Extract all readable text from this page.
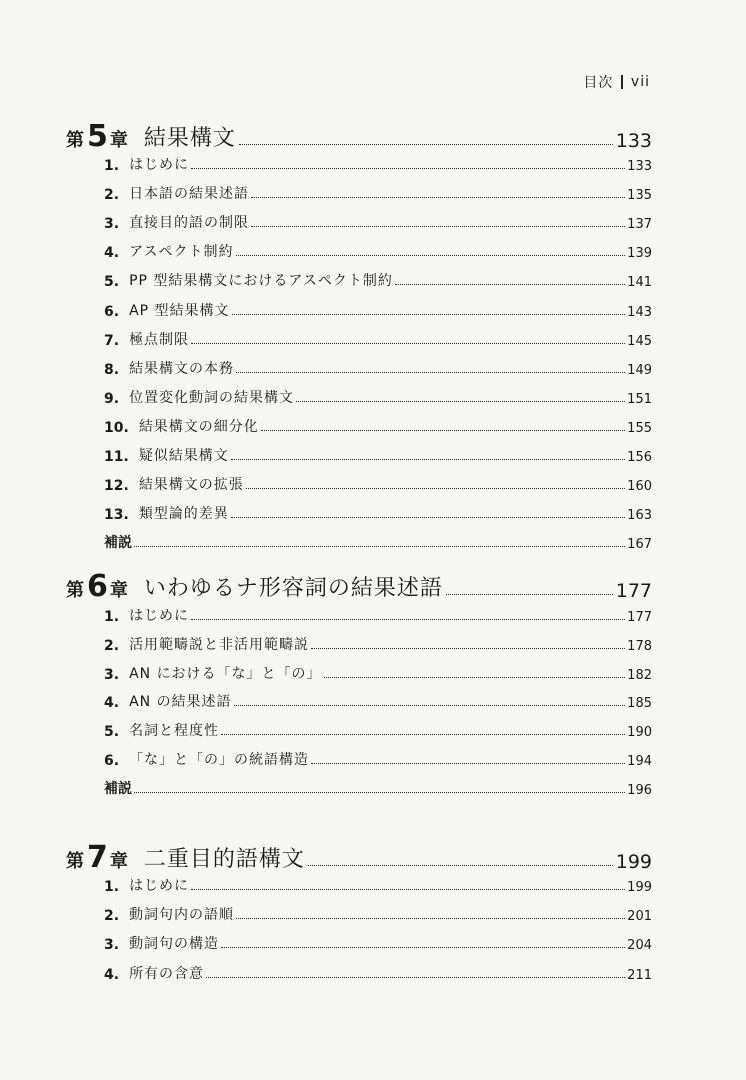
目次 vii
第 5 章 結果構文	133
1. はじめに	133
2. 日本語の結果述語	135
3. 直接目的語の制限	137
4. アスペクト制約	139
5. PP 型結果構文におけるアスペクト制約	141
6. AP 型結果構文	143
7. 極点制限	145
8. 結果構文の本務	149
9. 位置変化動詞の結果構文	151
10. 結果構文の細分化	155
11. 疑似結果構文	156
12. 結果構文の拡張	160
13. 類型論的差異	163
補説	167
第 6 章 いわゆるナ形容詞の結果述語	177
1. はじめに	177
2. 活用範疇説と非活用範疇説	178
3. AN における「な」と「の」	182
4. AN の結果述語	185
5. 名詞と程度性	190
6. 「な」と「の」の統語構造	194
補説	196
第 7 章 二重目的語構文	199
1. はじめに	199
2. 動詞句内の語順	201
3. 動詞句の構造	204
4. 所有の含意	211
